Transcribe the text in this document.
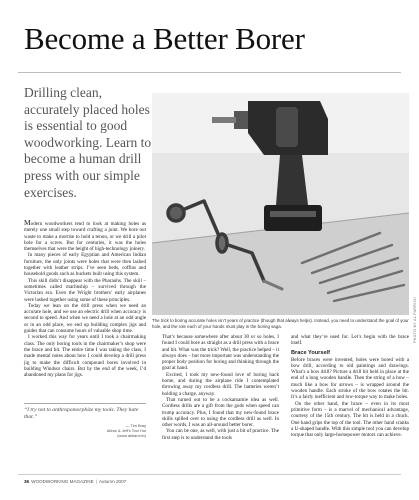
Become a Better Borer

Drilling clean, accurately placed holes is essential to good woodworking. Learn to become a human drill press with our simple exercises.

PHOTO BY AL PARRISH

The trick to boring accurate holes isn’t years of practice (though that always helps). Instead, you need to understand the goal of your hole, and the role each of your hands must play in the boring saga.

Modern woodworkers tend to look at making holes as merely one small step toward crafting a joint. We bore out waste to make a mortise to hold a tenon, or we drill a pilot hole for a screw. But for centuries, it was the holes themselves that were the height of high-technology joinery.

In many pieces of early Egyptian and American Indian furniture, the only joints were holes that were then lashed together with leather strips. I’ve seen beds, coffins and household goods such as buckets built using this system.

This skill didn’t disappear with the Pharaohs. The skill – sometimes called marlinship – survived through the Victorian era. Even the Wright brothers’ early airplanes were lashed together using some of these principles.

Today we lean on the drill press when we need an accurate hole, and we use an electric drill when accuracy is second to speed. And when we need a hole at an odd angle or in an odd place, we end up building complex jigs and guides that can consume hours of valuable shop time.

I worked this way for years until I took a chairmaking class. The only boring tools in the chairmaker’s shop were the brace and bit. The entire time I was taking the class, I made mental notes about how I could develop a drill press jig to make the difficult compound bores involved in building Windsor chairs. But by the end of the week, I’d abandoned my plans for jigs.

“I try not to anthropomorphize my tools. They hate that.”

— Tim Bray
Akbar & Jeff’s Tool Hut
(www.akbar.info)

That’s because somewhere after about 30 or so holes, I found I could bore as straight as a drill press with a brace and bit. What was the trick? Well, the practice helped – it always does – but more important was understanding the proper body position for boring and thinking through the goal at hand.

Excited, I took my new-found love of boring back home, and during the airplane ride I contemplated throwing away my cordless drill. The batteries weren’t holding a charge, anyway.

That turned out to be a cockamamie idea as well. Cordless drills are a gift from the gods when speed can trump accuracy. Plus, I found that my new-found brace skills spilled over to using the cordless drill as well. In other words, I was an all-around better borer.

You can be one, as well, with just a bit of practice. The first step is to understand the tools

and what they’re used for. Let’s begin with the brace itself.

Brace Yourself

Before braces were invented, holes were bored with a bow drill, according to old paintings and drawings. What’s a bow drill? Picture a drill bit held in place at the end of a long wooden handle. Then the string of a bow – much like a bow for arrows – is wrapped around the wooden handle. Each stroke of the bow rotates the bit. It’s a fairly inefficient and low-torque way to make holes.

On the other hand, the brace – even in its most primitive form – is a marvel of mechanical advantage, courtesy of the 15th century. The bit is held in a chuck. One hand grips the top of the tool. The other hand cranks a U-shaped handle. With this simple tool you can develop torque that only large-horsepower motors can achieve.

36 WOODWORKING MAGAZINE | Autumn 2007
